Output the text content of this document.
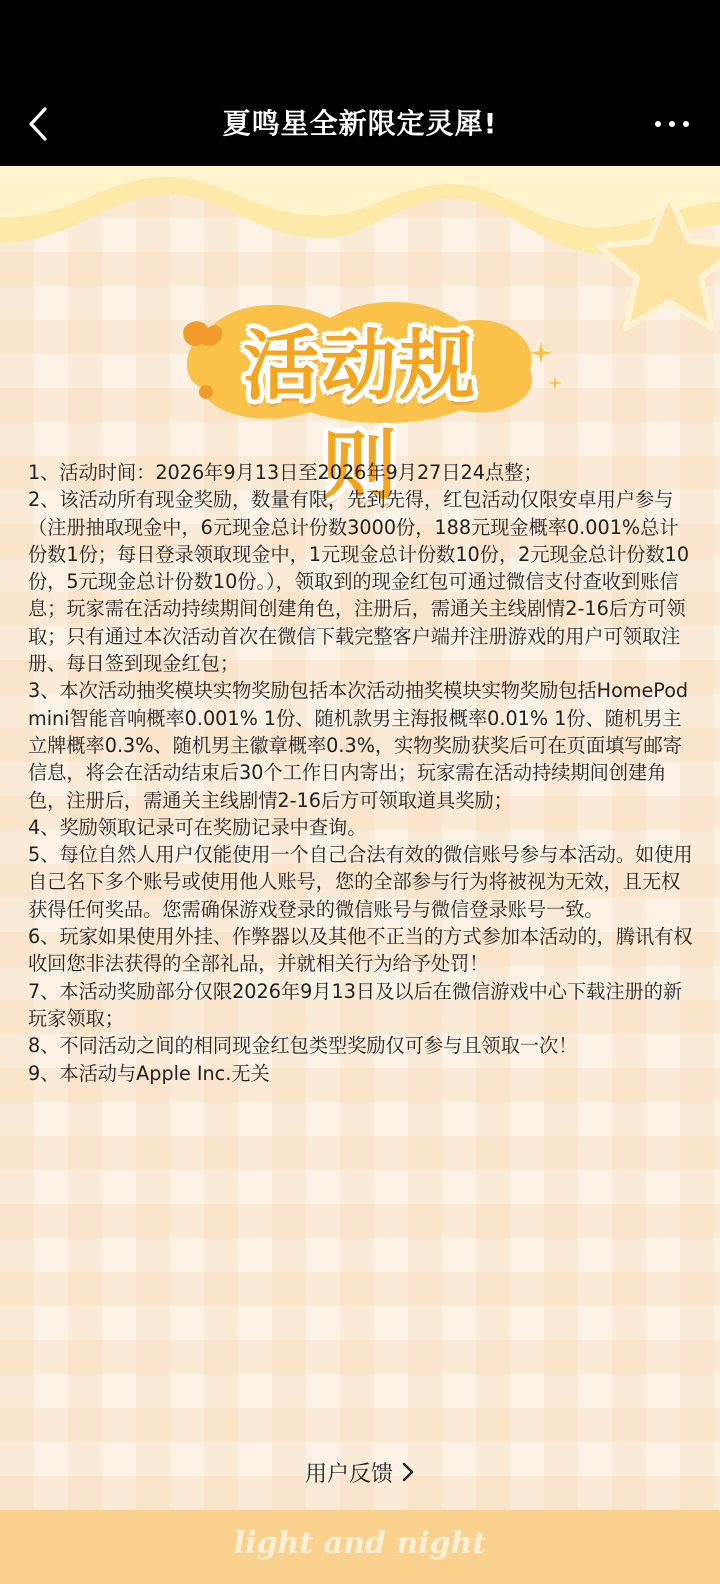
夏鸣星全新限定灵犀!
活动规则
1、活动时间：2026年9月13日至2026年9月27日24点整；
2、该活动所有现金奖励，数量有限，先到先得，红包活动仅限安卓用户参与（注册抽取现金中，6元现金总计份数3000份，188元现金概率0.001%总计份数1份；每日登录领取现金中，1元现金总计份数10份，2元现金总计份数10份，5元现金总计份数10份。），领取到的现金红包可通过微信支付查收到账信息；玩家需在活动持续期间创建角色，注册后，需通关主线剧情2-16后方可领取；只有通过本次活动首次在微信下载完整客户端并注册游戏的用户可领取注册、每日签到现金红包；
3、本次活动抽奖模块实物奖励包括本次活动抽奖模块实物奖励包括HomePod mini智能音响概率0.001% 1份、随机款男主海报概率0.01% 1份、随机男主立牌概率0.3%、随机男主徽章概率0.3%，实物奖励获奖后可在页面填写邮寄信息，将会在活动结束后30个工作日内寄出；玩家需在活动持续期间创建角色，注册后，需通关主线剧情2-16后方可领取道具奖励；
4、奖励领取记录可在奖励记录中查询。
5、每位自然人用户仅能使用一个自己合法有效的微信账号参与本活动。如使用自己名下多个账号或使用他人账号，您的全部参与行为将被视为无效，且无权获得任何奖品。您需确保游戏登录的微信账号与微信登录账号一致。
6、玩家如果使用外挂、作弊器以及其他不正当的方式参加本活动的，腾讯有权收回您非法获得的全部礼品，并就相关行为给予处罚！
7、本活动奖励部分仅限2026年9月13日及以后在微信游戏中心下载注册的新玩家领取；
8、不同活动之间的相同现金红包类型奖励仅可参与且领取一次！
9、本活动与Apple Inc.无关
用户反馈
light and night
